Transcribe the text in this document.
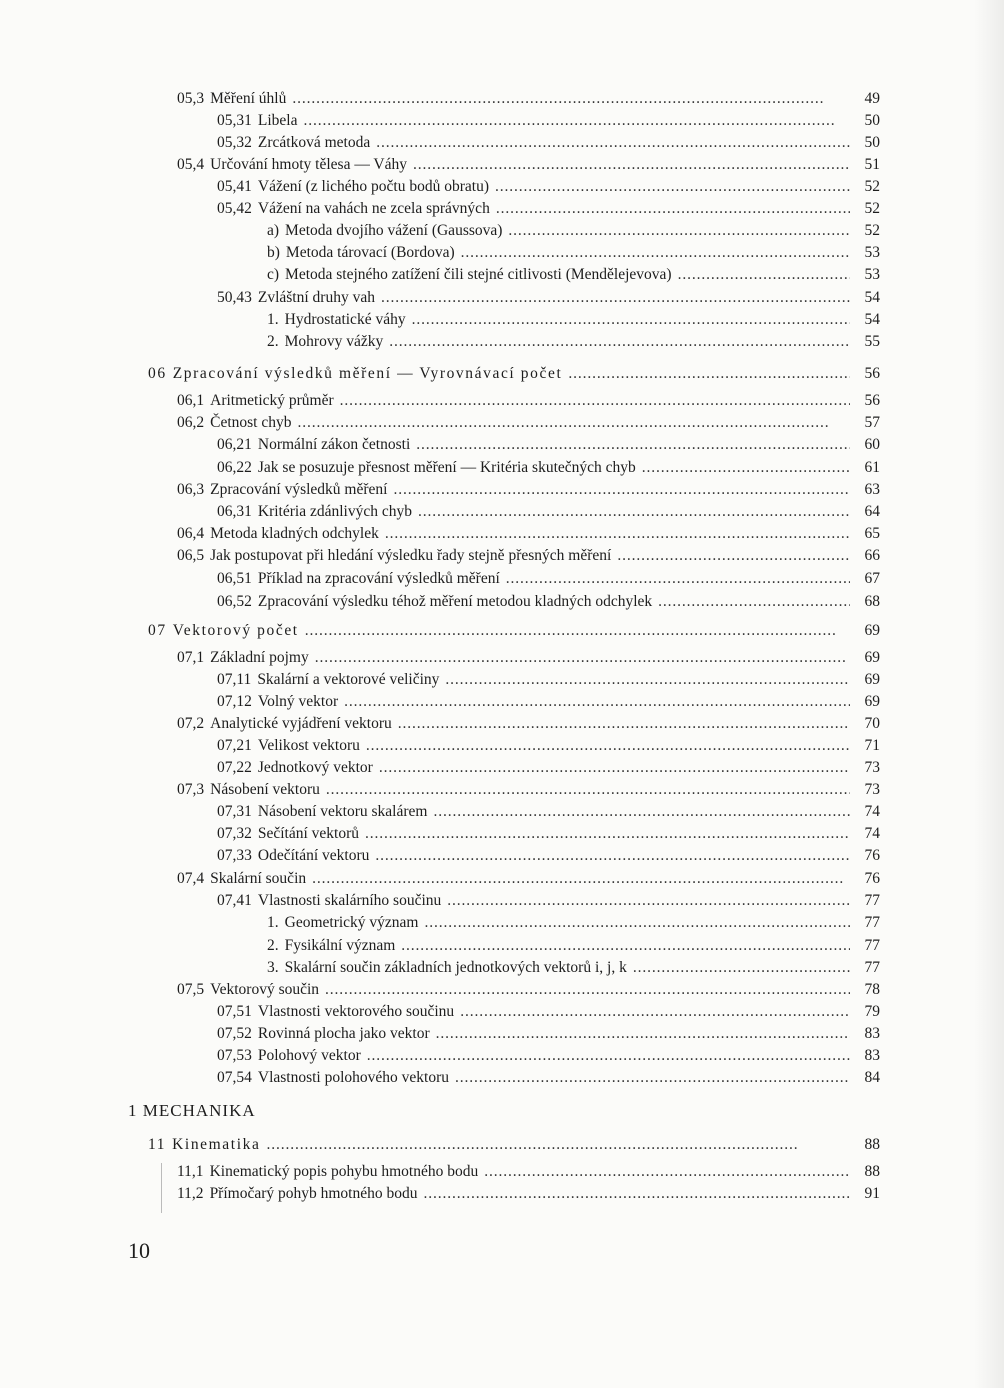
05,3 Měření úhlů . . .	49
05,31 Libela . . .	50
05,32 Zrcátková metoda . . .	50
05,4 Určování hmoty tělesa — Váhy . . .	51
05,41 Vážení (z lichého počtu bodů obratu) . . .	52
05,42 Vážení na vahách ne zcela správných . . .	52
a) Metoda dvojího vážení (Gaussova) . . .	52
b) Metoda tárovací (Bordova) . . .	53
c) Metoda stejného zatížení čili stejné citlivosti (Mendělejevova) . . .	53
50,43 Zvláštní druhy vah . . .	54
1. Hydrostatické váhy . . .	54
2. Mohrovy vážky . . .	55
06 Zpracování výsledků měření — Vyrovnávací počet . . .	56
06,1 Aritmetický průměr . . .	56
06,2 Četnost chyb . . .	57
06,21 Normální zákon četnosti . . .	60
06,22 Jak se posuzuje přesnost měření — Kritéria skutečných chyb . . .	61
06,3 Zpracování výsledků měření . . .	63
06,31 Kritéria zdánlivých chyb . . .	64
06,4 Metoda kladných odchylek . . .	65
06,5 Jak postupovat při hledání výsledku řady stejně přesných měření . . .	66
06,51 Příklad na zpracování výsledků měření . . .	67
06,52 Zpracování výsledku téhož měření metodou kladných odchylek . . .	68
07 Vektorový počet . . .	69
07,1 Základní pojmy . . .	69
07,11 Skalární a vektorové veličiny . . .	69
07,12 Volný vektor . . .	69
07,2 Analytické vyjádření vektoru . . .	70
07,21 Velikost vektoru . . .	71
07,22 Jednotkový vektor . . .	73
07,3 Násobení vektoru . . .	73
07,31 Násobení vektoru skalárem . . .	74
07,32 Sečítání vektorů . . .	74
07,33 Odečítání vektoru . . .	76
07,4 Skalární součin . . .	76
07,41 Vlastnosti skalárního součinu . . .	77
1. Geometrický význam . . .	77
2. Fysikální význam . . .	77
3. Skalární součin základních jednotkových vektorů i, j, k . . .	77
07,5 Vektorový součin . . .	78
07,51 Vlastnosti vektorového součinu . . .	79
07,52 Rovinná plocha jako vektor . . .	83
07,53 Polohový vektor . . .	83
07,54 Vlastnosti polohového vektoru . . .	84
11 Kinematika . . .	88
11,1 Kinematický popis pohybu hmotného bodu . . .	88
11,2 Přímočarý pohyb hmotného bodu . . .	91
1 MECHANIKA
10
